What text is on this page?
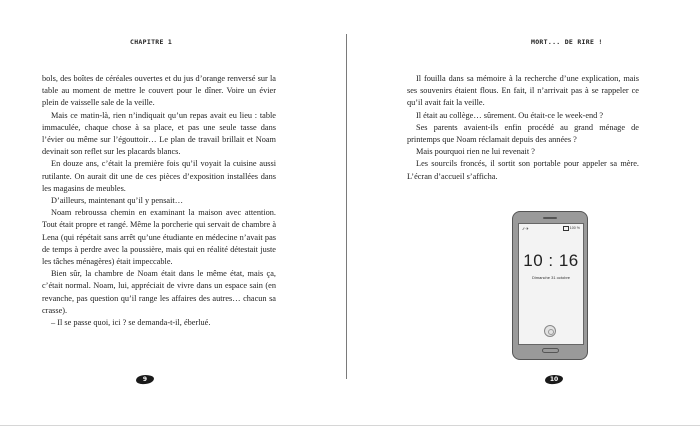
CHAPITRE 1

bols, des boîtes de céréales ouvertes et du jus d’orange renversé sur la table au moment de mettre le couvert pour le dîner. Voire un évier plein de vaisselle sale de la veille.

Mais ce matin-là, rien n’indiquait qu’un repas avait eu lieu : table immaculée, chaque chose à sa place, et pas une seule tasse dans l’évier ou même sur l’égouttoir… Le plan de travail brillait et Noam devinait son reflet sur les placards blancs.

En douze ans, c’était la première fois qu’il voyait la cuisine aussi rutilante. On aurait dit une de ces pièces d’exposition installées dans les magasins de meubles.

D’ailleurs, maintenant qu’il y pensait…

Noam rebroussa chemin en examinant la maison avec attention. Tout était propre et rangé. Même la porcherie qui servait de chambre à Lena (qui répétait sans arrêt qu’une étudiante en médecine n’avait pas de temps à perdre avec la poussière, mais qui en réalité détestait juste les tâches ménagères) était impeccable.

Bien sûr, la chambre de Noam était dans le même état, mais ça, c’était normal. Noam, lui, appréciait de vivre dans un espace sain (en revanche, pas question qu’il range les affaires des autres… chacun sa crasse).

– Il se passe quoi, ici ? se demanda-t-il, éberlué.

9
MORT... DE RIRE !

Il fouilla dans sa mémoire à la recherche d’une explication, mais ses souvenirs étaient flous. En fait, il n’arrivait pas à se rappeler ce qu’il avait fait la veille.

Il était au collège… sûrement. Ou était-ce le week-end ?

Ses parents avaient-ils enfin procédé au grand ménage de printemps que Noam réclamait depuis des années ?

Mais pourquoi rien ne lui revenait ?

Les sourcils froncés, il sortit son portable pour appeler sa mère. L’écran d’accueil s’afficha.

⁄⁄ ✈	100 %
10 : 16
Dimanche 31 octobre
10
